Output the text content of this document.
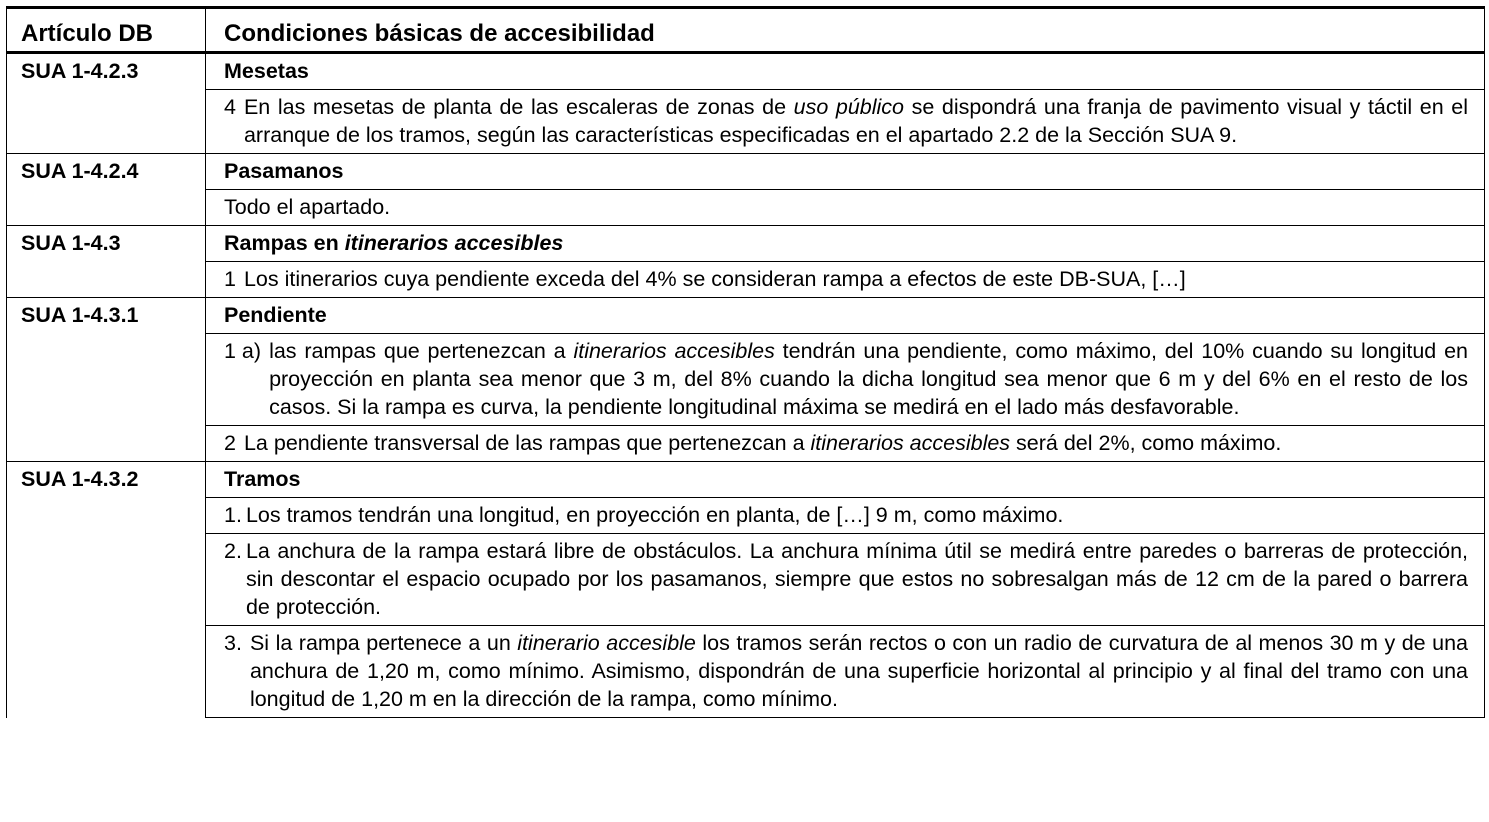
Artículo DB	Condiciones básicas de accesibilidad
SUA 1-4.2.3	Mesetas

	4 En las mesetas de planta de las escaleras de zonas de uso público se dispondrá una franja de pavimento visual y táctil en el arranque de los tramos, según las características especificadas en el apartado 2.2 de la Sección SUA 9.

SUA 1-4.2.4	Pasamanos

	Todo el apartado.

SUA 1-4.3	Rampas en itinerarios accesibles

	1 Los itinerarios cuya pendiente exceda del 4% se consideran rampa a efectos de este DB-SUA, […]

SUA 1-4.3.1	Pendiente

	1 a) las rampas que pertenezcan a itinerarios accesibles tendrán una pendiente, como máximo, del 10% cuando su longitud en proyección en planta sea menor que 3 m, del 8% cuando la dicha longitud sea menor que 6 m y del 6% en el resto de los casos. Si la rampa es curva, la pendiente longitudinal máxima se medirá en el lado más desfavorable.

	2 La pendiente transversal de las rampas que pertenezcan a itinerarios accesibles será del 2%, como máximo.

SUA 1-4.3.2	Tramos

	1. Los tramos tendrán una longitud, en proyección en planta, de […] 9 m, como máximo.

	2. La anchura de la rampa estará libre de obstáculos. La anchura mínima útil se medirá entre paredes o barreras de protección, sin descontar el espacio ocupado por los pasamanos, siempre que estos no sobresalgan más de 12 cm de la pared o barrera de protección.

	3. Si la rampa pertenece a un itinerario accesible los tramos serán rectos o con un radio de curvatura de al menos 30 m y de una anchura de 1,20 m, como mínimo. Asimismo, dispondrán de una superficie horizontal al principio y al final del tramo con una longitud de 1,20 m en la dirección de la rampa, como mínimo.
